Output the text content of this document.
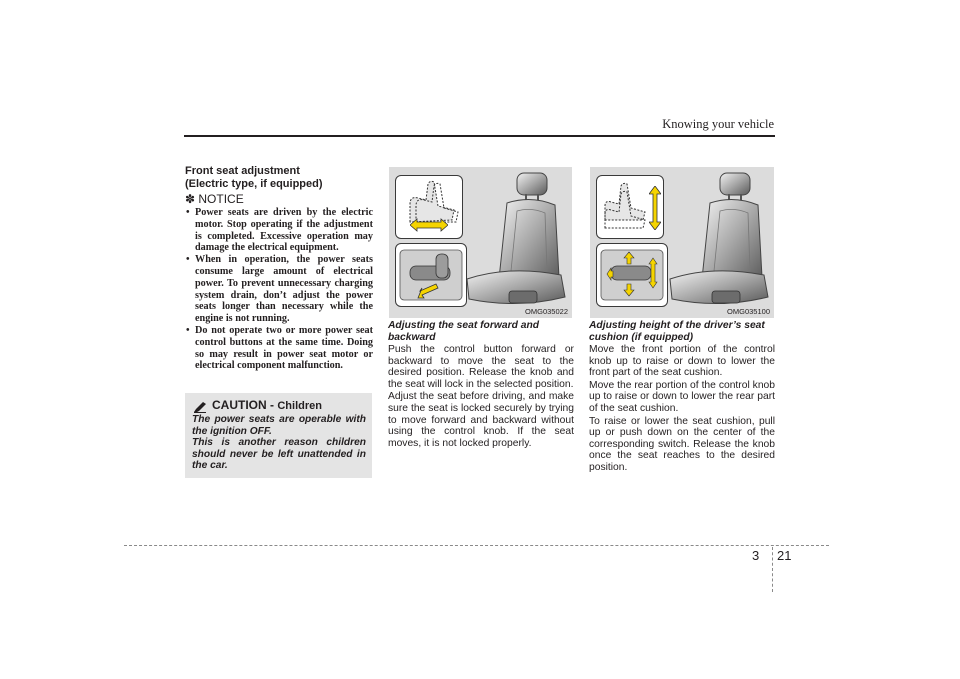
Knowing your vehicle
Front seat adjustment
(Electric type, if equipped)
✽ NOTICE
• Power seats are driven by the electric motor. Stop operating if the adjustment is completed. Excessive operation may damage the electrical equipment.
• When in operation, the power seats consume large amount of electrical power. To prevent unnecessary charging system drain, don’t adjust the power seats longer than necessary while the engine is not running.
• Do not operate two or more power seat control buttons at the same time. Doing so may result in power seat motor or electrical component malfunction.
CAUTION - Children

The power seats are operable with the ignition OFF.

This is another reason children should never be left unattended in the car.

OMG035022
Adjusting the seat forward and backward

Push the control button forward or backward to move the seat to the desired position. Release the knob and the seat will lock in the selected position.

Adjust the seat before driving, and make sure the seat is locked securely by trying to move forward and backward without using the control knob. If the seat moves, it is not locked properly.

OMG035100
Adjusting height of the driver’s seat cushion (if equipped)

Move the front portion of the control knob up to raise or down to lower the front part of the seat cushion.

Move the rear portion of the control knob up to raise or down to lower the rear part of the seat cushion.

To raise or lower the seat cushion, pull up or push down on the center of the corresponding switch. Release the knob once the seat reaches to the desired position.

3 21
